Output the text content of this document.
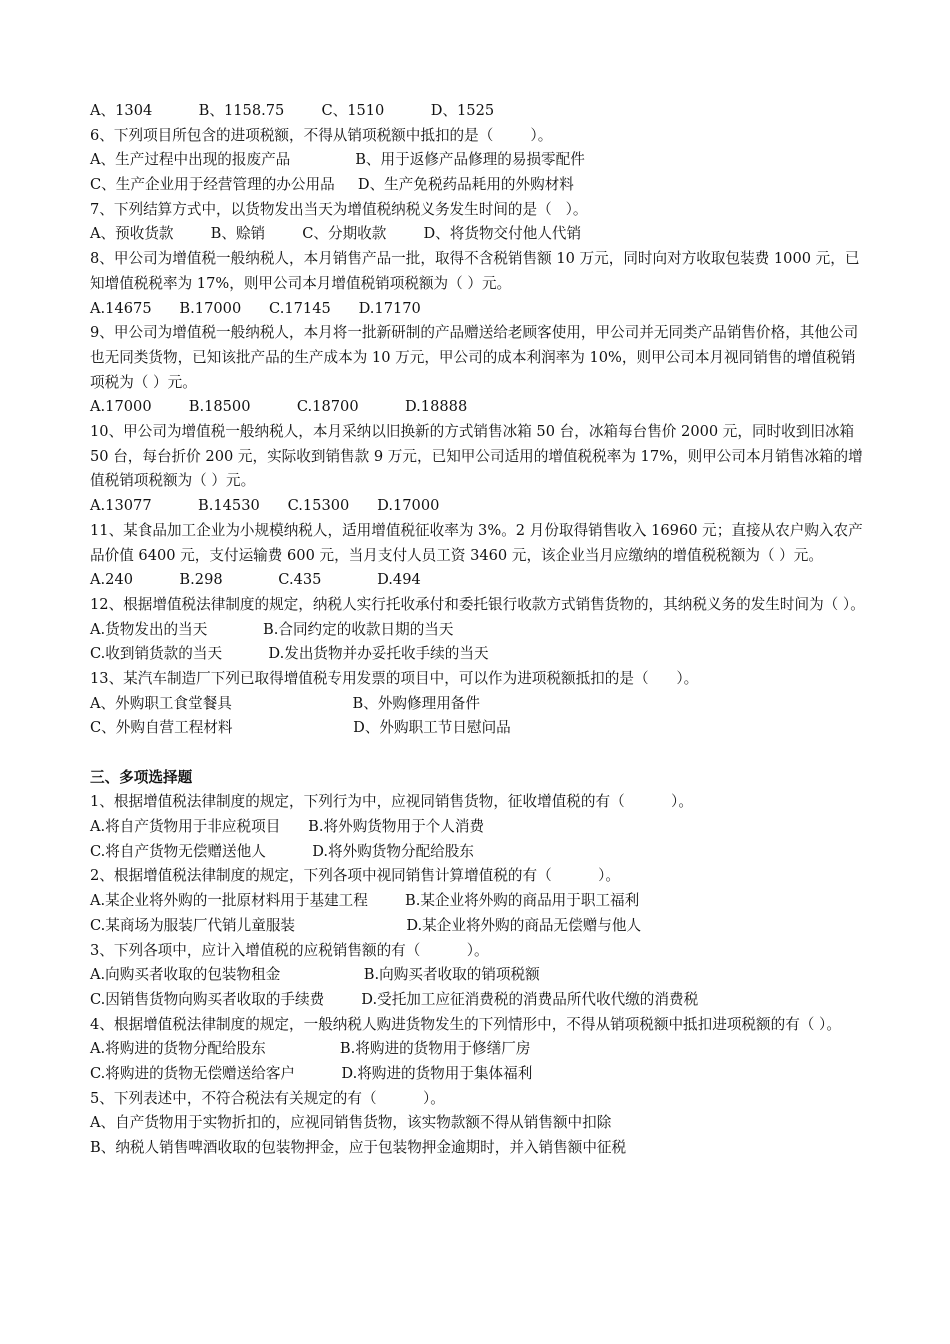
A、1304          B、1158.75        C、1510          D、1525
6、下列项目所包含的进项税额，不得从销项税额中抵扣的是（        ）。
A、生产过程中出现的报废产品              B、用于返修产品修理的易损零配件
C、生产企业用于经营管理的办公用品     D、生产免税药品耗用的外购材料
7、下列结算方式中，以货物发出当天为增值税纳税义务发生时间的是（   ）。
A、预收货款        B、赊销        C、分期收款        D、将货物交付他人代销
8、甲公司为增值税一般纳税人，本月销售产品一批，取得不含税销售额 10 万元，同时向对方收取包装费 1000 元，已知增值税税率为 17%，则甲公司本月增值税销项税额为（ ）元。
A.14675      B.17000      C.17145      D.17170
9、甲公司为增值税一般纳税人，本月将一批新研制的产品赠送给老顾客使用，甲公司并无同类产品销售价格，其他公司也无同类货物，已知该批产品的生产成本为 10 万元，甲公司的成本利润率为 10%，则甲公司本月视同销售的增值税销项税为（ ）元。
A.17000        B.18500          C.18700          D.18888
10、甲公司为增值税一般纳税人，本月采纳以旧换新的方式销售冰箱 50 台，冰箱每台售价 2000 元，同时收到旧冰箱 50 台，每台折价 200 元，实际收到销售款 9 万元，已知甲公司适用的增值税税率为 17%，则甲公司本月销售冰箱的增值税销项税额为（ ）元。
A.13077          B.14530      C.15300      D.17000
11、某食品加工企业为小规模纳税人，适用增值税征收率为 3%。2 月份取得销售收入 16960 元；直接从农户购入农产品价值 6400 元，支付运输费 600 元，当月支付人员工资 3460 元，该企业当月应缴纳的增值税税额为（ ）元。
A.240          B.298            C.435            D.494
12、根据增值税法律制度的规定，纳税人实行托收承付和委托银行收款方式销售货物的，其纳税义务的发生时间为（ ）。
A.货物发出的当天            B.合同约定的收款日期的当天
C.收到销货款的当天          D.发出货物并办妥托收手续的当天
13、某汽车制造厂下列已取得增值税专用发票的项目中，可以作为进项税额抵扣的是（      ）。
A、外购职工食堂餐具                          B、外购修理用备件
C、外购自营工程材料                          D、外购职工节日慰问品
三、多项选择题
1、根据增值税法律制度的规定，下列行为中，应视同销售货物，征收增值税的有（          ）。
A.将自产货物用于非应税项目      B.将外购货物用于个人消费
C.将自产货物无偿赠送他人          D.将外购货物分配给股东
2、根据增值税法律制度的规定，下列各项中视同销售计算增值税的有（          ）。
A.某企业将外购的一批原材料用于基建工程        B.某企业将外购的商品用于职工福利
C.某商场为服装厂代销儿童服装                        D.某企业将外购的商品无偿赠与他人
3、下列各项中，应计入增值税的应税销售额的有（          ）。
A.向购买者收取的包装物租金                  B.向购买者收取的销项税额
C.因销售货物向购买者收取的手续费        D.受托加工应征消费税的消费品所代收代缴的消费税
4、根据增值税法律制度的规定，一般纳税人购进货物发生的下列情形中，不得从销项税额中抵扣进项税额的有（ ）。
A.将购进的货物分配给股东                B.将购进的货物用于修缮厂房
C.将购进的货物无偿赠送给客户          D.将购进的货物用于集体福利
5、下列表述中，不符合税法有关规定的有（          ）。
A、自产货物用于实物折扣的，应视同销售货物，该实物款额不得从销售额中扣除
B、纳税人销售啤酒收取的包装物押金，应于包装物押金逾期时，并入销售额中征税
